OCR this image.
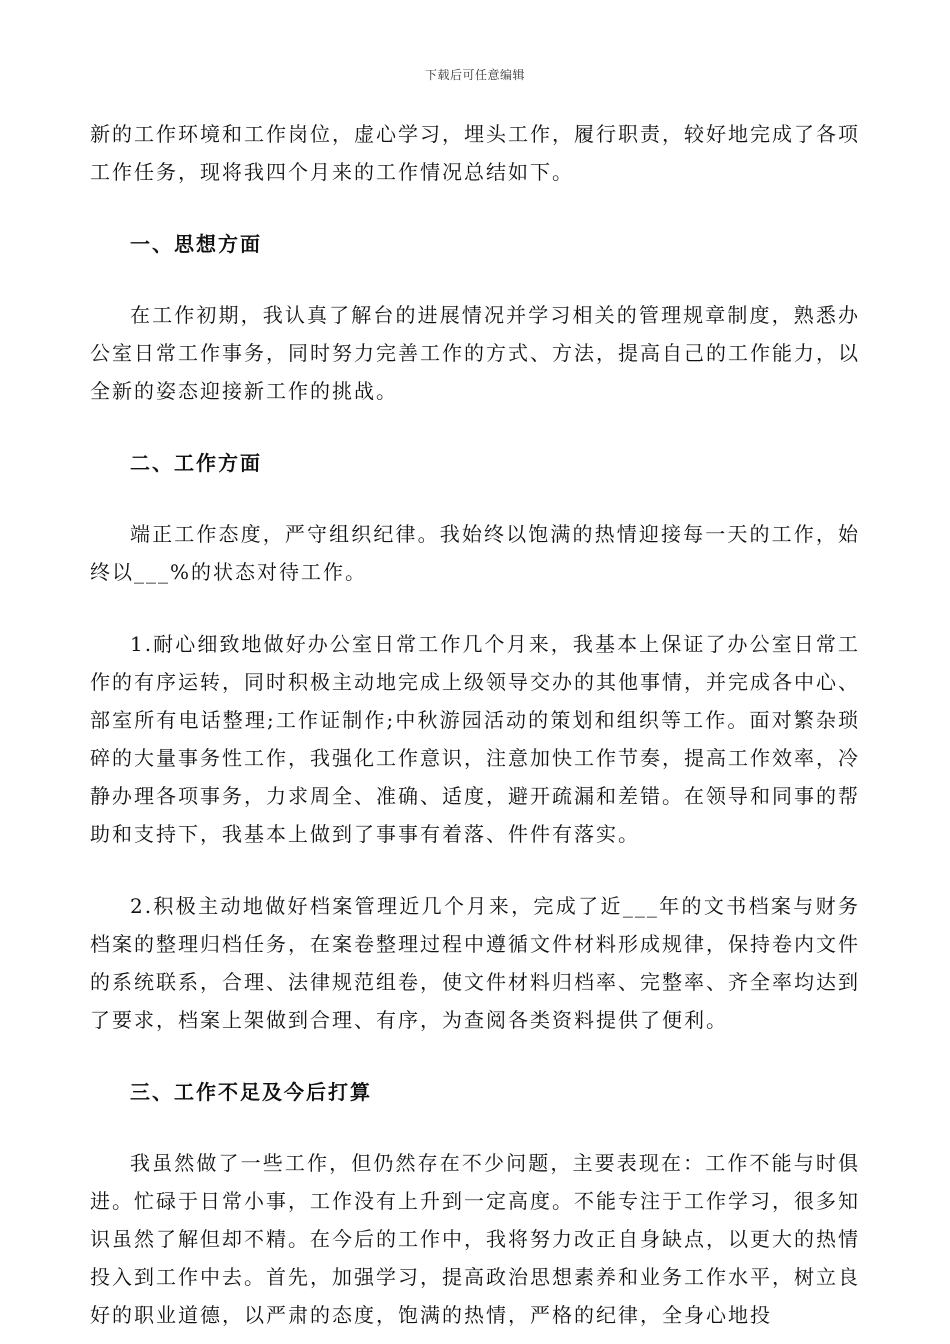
下载后可任意编辑

新的工作环境和工作岗位，虚心学习，埋头工作，履行职责，较好地完成了各项工作任务，现将我四个月来的工作情况总结如下。

一、思想方面

在工作初期，我认真了解台的进展情况并学习相关的管理规章制度，熟悉办公室日常工作事务，同时努力完善工作的方式、方法，提高自己的工作能力，以全新的姿态迎接新工作的挑战。

二、工作方面

端正工作态度，严守组织纪律。我始终以饱满的热情迎接每一天的工作，始终以___%的状态对待工作。

1.耐心细致地做好办公室日常工作几个月来，我基本上保证了办公室日常工作的有序运转，同时积极主动地完成上级领导交办的其他事情，并完成各中心、部室所有电话整理;工作证制作;中秋游园活动的策划和组织等工作。面对繁杂琐碎的大量事务性工作，我强化工作意识，注意加快工作节奏，提高工作效率，冷静办理各项事务，力求周全、准确、适度，避开疏漏和差错。在领导和同事的帮助和支持下，我基本上做到了事事有着落、件件有落实。

2.积极主动地做好档案管理近几个月来，完成了近___年的文书档案与财务档案的整理归档任务，在案卷整理过程中遵循文件材料形成规律，保持卷内文件的系统联系，合理、法律规范组卷，使文件材料归档率、完整率、齐全率均达到了要求，档案上架做到合理、有序，为查阅各类资料提供了便利。

三、工作不足及今后打算

我虽然做了一些工作，但仍然存在不少问题，主要表现在：工作不能与时俱进。忙碌于日常小事，工作没有上升到一定高度。不能专注于工作学习，很多知识虽然了解但却不精。在今后的工作中，我将努力改正自身缺点，以更大的热情投入到工作中去。首先，加强学习，提高政治思想素养和业务工作水平，树立良好的职业道德，以严肃的态度，饱满的热情，严格的纪律，全身心地投
